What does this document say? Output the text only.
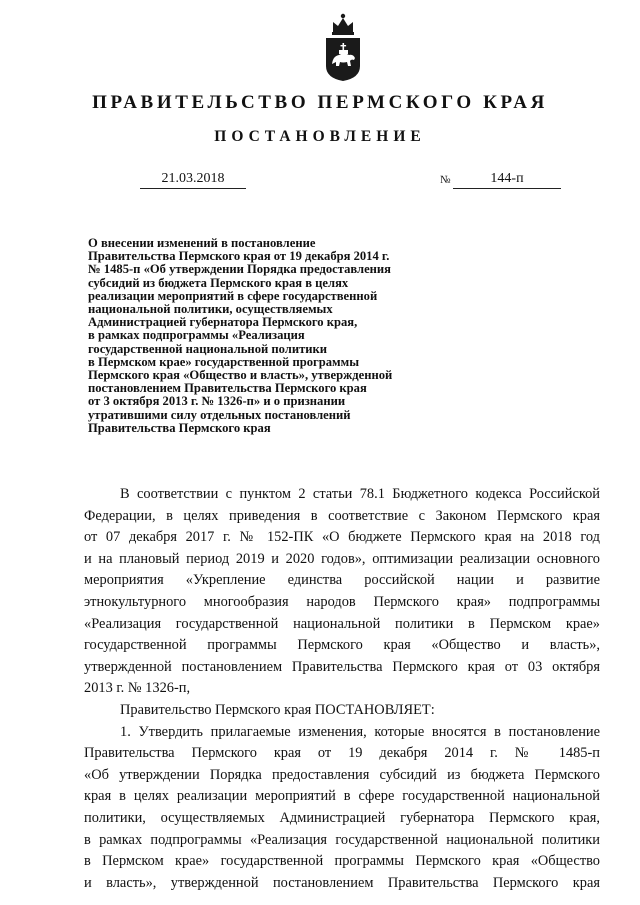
ПРАВИТЕЛЬСТВО ПЕРМСКОГО КРАЯ
ПОСТАНОВЛЕНИЕ
21.03.2018	№	144-п
О внесении изменений в постановление
Правительства Пермского края от 19 декабря 2014 г.
№ 1485-п «Об утверждении Порядка предоставления
субсидий из бюджета Пермского края в целях
реализации мероприятий в сфере государственной
национальной политики, осуществляемых
Администрацией губернатора Пермского края,
в рамках подпрограммы «Реализация
государственной национальной политики
в Пермском крае» государственной программы
Пермского края «Общество и власть», утвержденной
постановлением Правительства Пермского края
от 3 октября 2013 г. № 1326-п» и о признании
утратившими силу отдельных постановлений
Правительства Пермского края
В соответствии с пунктом 2 статьи 78.1 Бюджетного кодекса Российской
Федерации, в целях приведения в соответствие с Законом Пермского края
от 07 декабря 2017 г. № 152-ПК «О бюджете Пермского края на 2018 год
и на плановый период 2019 и 2020 годов», оптимизации реализации основного
мероприятия «Укрепление единства российской нации и развитие
этнокультурного многообразия народов Пермского края» подпрограммы
«Реализация государственной национальной политики в Пермском крае»
государственной программы Пермского края «Общество и власть»,
утвержденной постановлением Правительства Пермского края от 03 октября
2013 г. № 1326-п,
Правительство Пермского края ПОСТАНОВЛЯЕТ:
1. Утвердить прилагаемые изменения, которые вносятся в постановление
Правительства Пермского края от 19 декабря 2014 г. № 1485-п
«Об утверждении Порядка предоставления субсидий из бюджета Пермского
края в целях реализации мероприятий в сфере государственной национальной
политики, осуществляемых Администрацией губернатора Пермского края,
в рамках подпрограммы «Реализация государственной национальной политики
в Пермском крае» государственной программы Пермского края «Общество
и власть», утвержденной постановлением Правительства Пермского края
